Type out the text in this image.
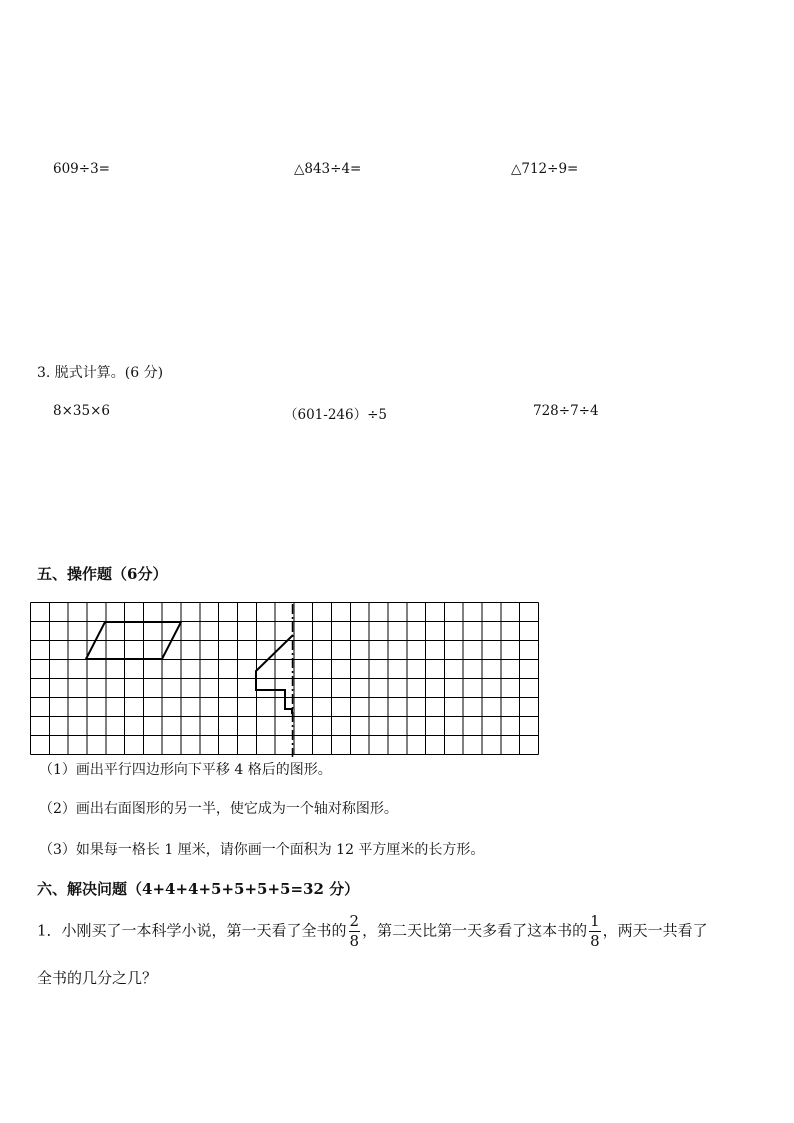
609÷3=	△843÷4=	△712÷9=
3. 脱式计算。(6 分)
8×35×6	（601-246）÷5	728÷7÷4
五、操作题（6分）
（1）画出平行四边形向下平移 4 格后的图形。
（2）画出右面图形的另一半，使它成为一个轴对称图形。
（3）如果每一格长 1 厘米，请你画一个面积为 12 平方厘米的长方形。
六、解决问题（4+4+4+5+5+5+5=32 分）
1．小刚买了一本科学小说，第一天看了全书的 $\frac{2}{8}$ ，第二天比第一天多看了这本书的 $\frac{1}{8}$ ，两天一共看了
全书的几分之几？
